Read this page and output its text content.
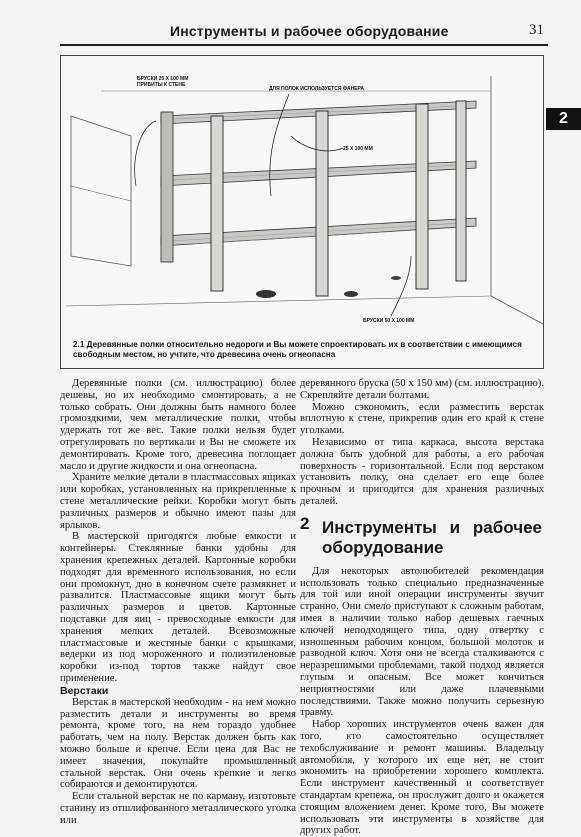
Инструменты и рабочее оборудование	31
2
БРУСКИ 25 Х 100 ММ
ПРИБИТЫ К СТЕНЕ
ДЛЯ ПОЛОК ИСПОЛЬЗУЕТСЯ ФАНЕРА
25 X 100 ММ
БРУСКИ 50 X 100 ММ
2.1 Деревянные полки относительно недороги и Вы можете спроектировать их в соответствии с имеющимся свободным местом, но учтите, что древесина очень огнеопасна

Деревянные полки (см. иллюстрацию) более дешевы, но их необходимо смонтировать, а не только собрать. Они должны быть намного более громоздкими, чем металлические полки, чтобы удержать тот же вес. Такие полки нельзя будет отрегулировать по вертикали и Вы не сможете их демонтировать. Кроме того, древесина поглощает масло и другие жидкости и она огнеопасна.

Храните мелкие детали в пластмассовых ящиках или коробках, установленных на прикрепленные к стене металлические рейки. Коробки могут быть различных размеров и обычно имеют пазы для ярлыков.

В мастерской пригодятся любые емкости и контейнеры. Стеклянные банки удобны для хранения крепежных деталей. Картонные коробки подходят для временного использования, но если они промокнут, дно в конечном счете размякнет и развалится. Пластмассовые ящики могут быть различных размеров и цветов. Картонные подставки для яиц - превосходные емкости для хранения мелких деталей. Всевозможные пластмассовые и жестяные банки с крышками, ведерки из под мороженного и полиэтиленовые коробки из-под тортов также найдут свое применение.

Верстаки

Верстак в мастерской необходим - на нем можно разместить детали и инструменты во время ремонта, кроме того, на нем гораздо удобнее работать, чем на полу. Верстак должен быть как можно больше и крепче. Если цена для Вас не имеет значения, покупайте промышленный стальной верстак. Они очень крепкие и легко собираются и демонтируются.

Если стальной верстак не по карману, изготовьте станину из отшлифованного металлического уголка или

деревянного бруска (50 х 150 мм) (см. иллюстрацию). Скрепляйте детали болтами.

Можно сэкономить, если разместить верстак вплотную к стене, прикрепив один его край к стене уголками.

Независимо от типа каркаса, высота верстака должна быть удобной для работы, а его рабочая поверхность - горизонтальной. Если под верстаком установить полку, она сделает его еще более прочным и пригодится для хранения различных деталей.

2 Инструменты и рабочее оборудование

Для некоторых автолюбителей рекомендация использовать только специально предназначенные для той или иной операции инструменты звучит странно. Они смело приступают к сложным работам, имея в наличии только набор дешевых гаечных ключей неподходящего типа, одну отвертку с изношенным рабочим концом, большой молоток и разводной ключ. Хотя они не всегда сталкиваются с неразрешимыми проблемами, такой подход является глупым и опасным. Все может кончиться неприятностями или даже плачевными последствиями. Также можно получить серьезную травму.

Набор хороших инструментов очень важен для того, кто самостоятельно осуществляет техобслуживание и ремонт машины. Владельцу автомобиля, у которого их еще нет, не стоит экономить на приобретении хорошего комплекта. Если инструмент качественный и соответствует стандартам крепежа, он прослужит долго и окажется стоящим вложением денег. Кроме того, Вы можете использовать эти инструменты в хозяйстве для других работ.
